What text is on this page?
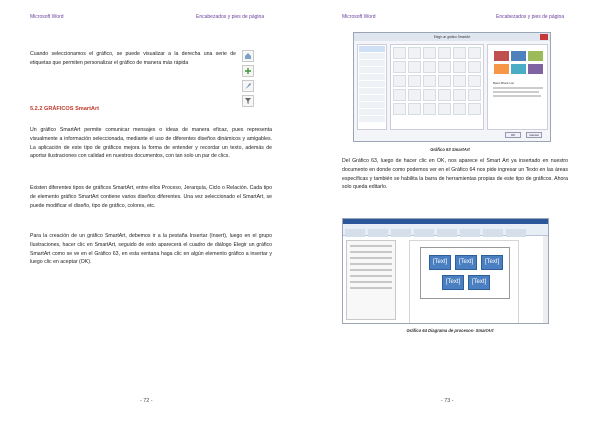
Microsoft Word	Encabezados y pies de página
Cuando seleccionamos el gráfico, se puede visualizar a la derecha una serie de etiquetas que permiten personalizar el gráfico de manera más rápida
5.2.2 GRÁFICOS SmartArt
Un gráfico SmartArt permite comunicar mensajes o ideas de manera eficaz, pues representa visualmente a información seleccionada, mediante el uso de diferentes diseños dinámicos y amigables. La aplicación de este tipo de gráficos mejora la forma de entender y recordar un texto, además de aportar ilustraciones con calidad en nuestros documentos, con tan solo un par de clics.
Existen diferentes tipos de gráficos SmartArt, entre ellos Proceso, Jerarquía, Ciclo o Relación. Cada tipo de elemento gráfico SmartArt contiene varios diseños diferentes. Una vez seleccionado el SmartArt, se puede modificar el diseño, tipo de gráfico, colores, etc.
Para la creación de un gráfico SmartArt, debemos ir a la pestaña Insertar (Insert), luego en el grupo Ilustraciones, hacer clic en SmartArt, seguido de esto aparecerá el cuadro de diálogo Elegir un gráfico SmartArt como se ve en el Gráfico 63, en esta ventana haga clic en algún elemento gráfico a insertar y luego clic en aceptar (OK).
- 72 -
Microsoft Word	Encabezados y pies de página
Gráfico 63 SmartArt
Del Gráfico 63, luego de hacer clic en OK, nos aparece el Smart Art ya insertado en nuestro documento en donde como podemos ver en el Gráfico 64 nos pide ingresar un Texto en las áreas específicas y también se habilita la barra de herramientas propias de este tipo de gráficos. Ahora solo queda editarlo.
Gráfico 64 Diagrama de procesos- SmartArt
- 73 -
Elegir un gráfico SmartArt
Basic Block List
OK	Cancel
[Text]	[Text]	[Text]
[Text]	[Text]
